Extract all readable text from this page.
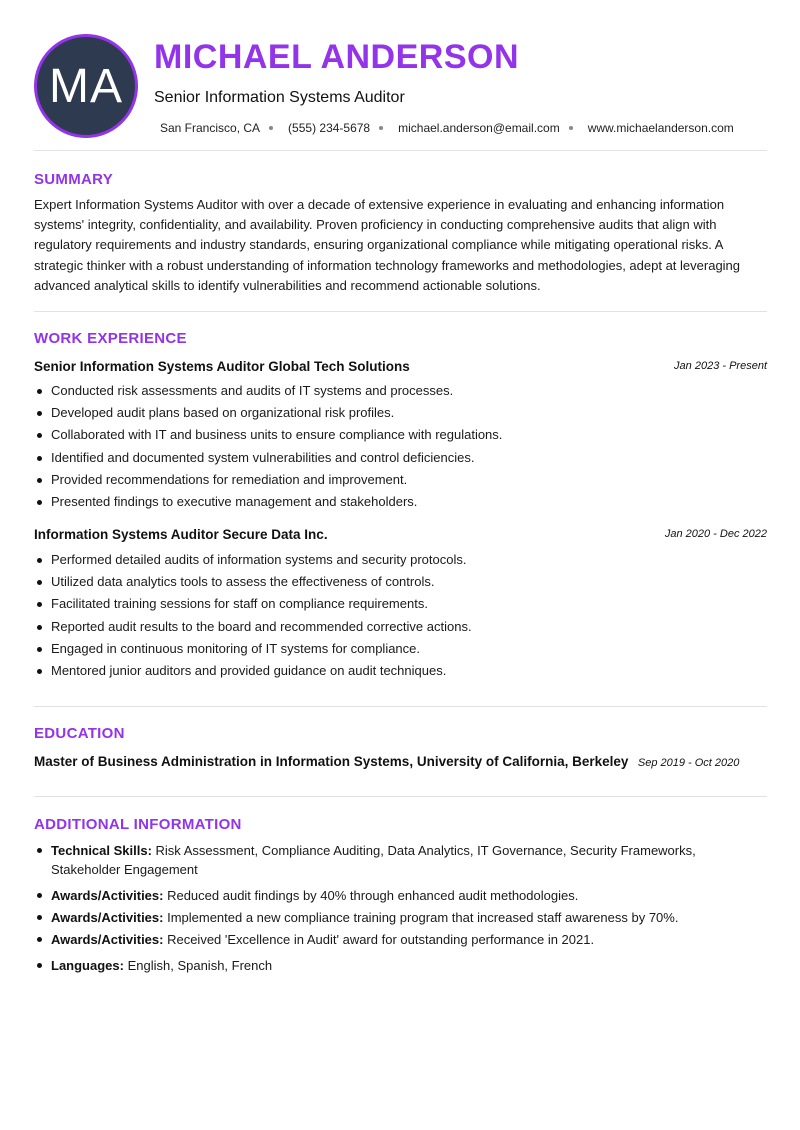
MA
MICHAEL ANDERSON
Senior Information Systems Auditor
San Francisco, CA (555) 234-5678 michael.anderson@email.com www.michaelanderson.com
SUMMARY
Expert Information Systems Auditor with over a decade of extensive experience in evaluating and enhancing information systems' integrity, confidentiality, and availability. Proven proficiency in conducting comprehensive audits that align with regulatory requirements and industry standards, ensuring organizational compliance while mitigating operational risks. A strategic thinker with a robust understanding of information technology frameworks and methodologies, adept at leveraging advanced analytical skills to identify vulnerabilities and recommend actionable solutions.
WORK EXPERIENCE
Senior Information Systems Auditor Global Tech Solutions	Jan 2023 - Present
Conducted risk assessments and audits of IT systems and processes.
Developed audit plans based on organizational risk profiles.
Collaborated with IT and business units to ensure compliance with regulations.
Identified and documented system vulnerabilities and control deficiencies.
Provided recommendations for remediation and improvement.
Presented findings to executive management and stakeholders.
Information Systems Auditor Secure Data Inc.	Jan 2020 - Dec 2022
Performed detailed audits of information systems and security protocols.
Utilized data analytics tools to assess the effectiveness of controls.
Facilitated training sessions for staff on compliance requirements.
Reported audit results to the board and recommended corrective actions.
Engaged in continuous monitoring of IT systems for compliance.
Mentored junior auditors and provided guidance on audit techniques.
EDUCATION
Master of Business Administration in Information Systems, University of California, Berkeley Sep 2019 - Oct 2020
ADDITIONAL INFORMATION
Technical Skills: Risk Assessment, Compliance Auditing, Data Analytics, IT Governance, Security Frameworks, Stakeholder Engagement
Awards/Activities: Reduced audit findings by 40% through enhanced audit methodologies.
Awards/Activities: Implemented a new compliance training program that increased staff awareness by 70%.
Awards/Activities: Received 'Excellence in Audit' award for outstanding performance in 2021.
Languages: English, Spanish, French
